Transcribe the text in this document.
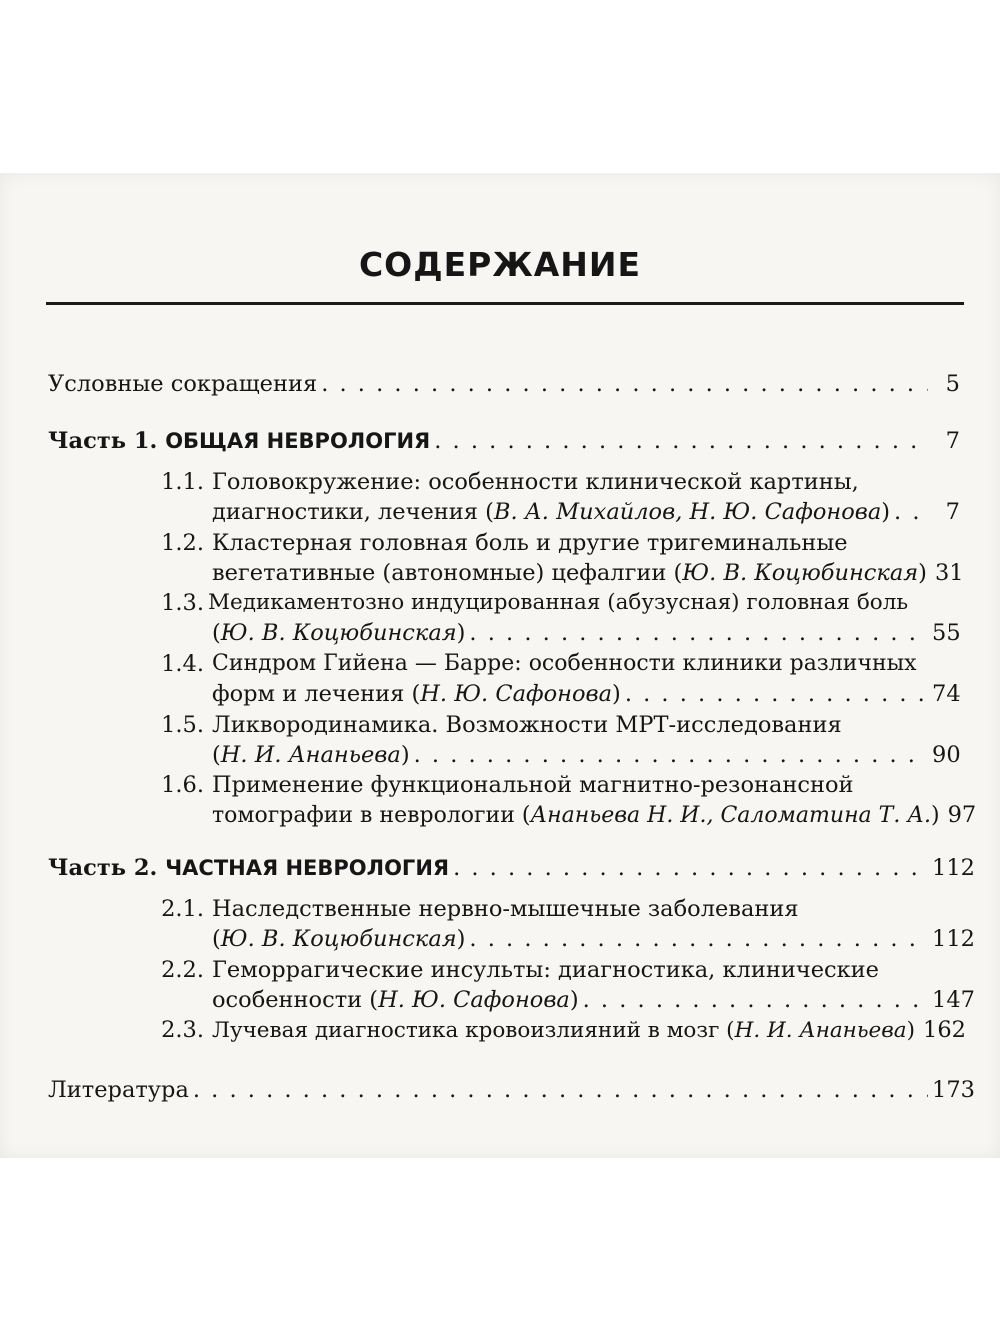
СОДЕРЖАНИЕ
Условные сокращения . . .	5
Часть 1. ОБЩАЯ НЕВРОЛОГИЯ . . .	7
1.1. Головокружение: особенности клинической картины,
диагностики, лечения (В. А. Михайлов, Н. Ю. Сафонова) . . .	7
1.2. Кластерная головная боль и другие тригеминальные
вегетативные (автономные) цефалгии (Ю. В. Коцюбинская) 31
1.3. Медикаментозно индуцированная (абузусная) головная боль
(Ю. В. Коцюбинская) . . .	55
1.4. Синдром Гийена — Барре: особенности клиники различных
форм и лечения (Н. Ю. Сафонова) . . .	74
1.5. Ликвородинамика. Возможности МРТ-исследования
(Н. И. Ананьева) . . .	90
1.6. Применение функциональной магнитно-резонансной
томографии в неврологии (Ананьева Н. И., Саломатина Т. А.) 97
Часть 2. ЧАСТНАЯ НЕВРОЛОГИЯ . . .	112
2.1. Наследственные нервно-мышечные заболевания
(Ю. В. Коцюбинская) . . .	112
2.2. Геморрагические инсульты: диагностика, клинические
особенности (Н. Ю. Сафонова) . . .	147
2.3. Лучевая диагностика кровоизлияний в мозг (Н. И. Ананьева) 162
Литература . . .	173
